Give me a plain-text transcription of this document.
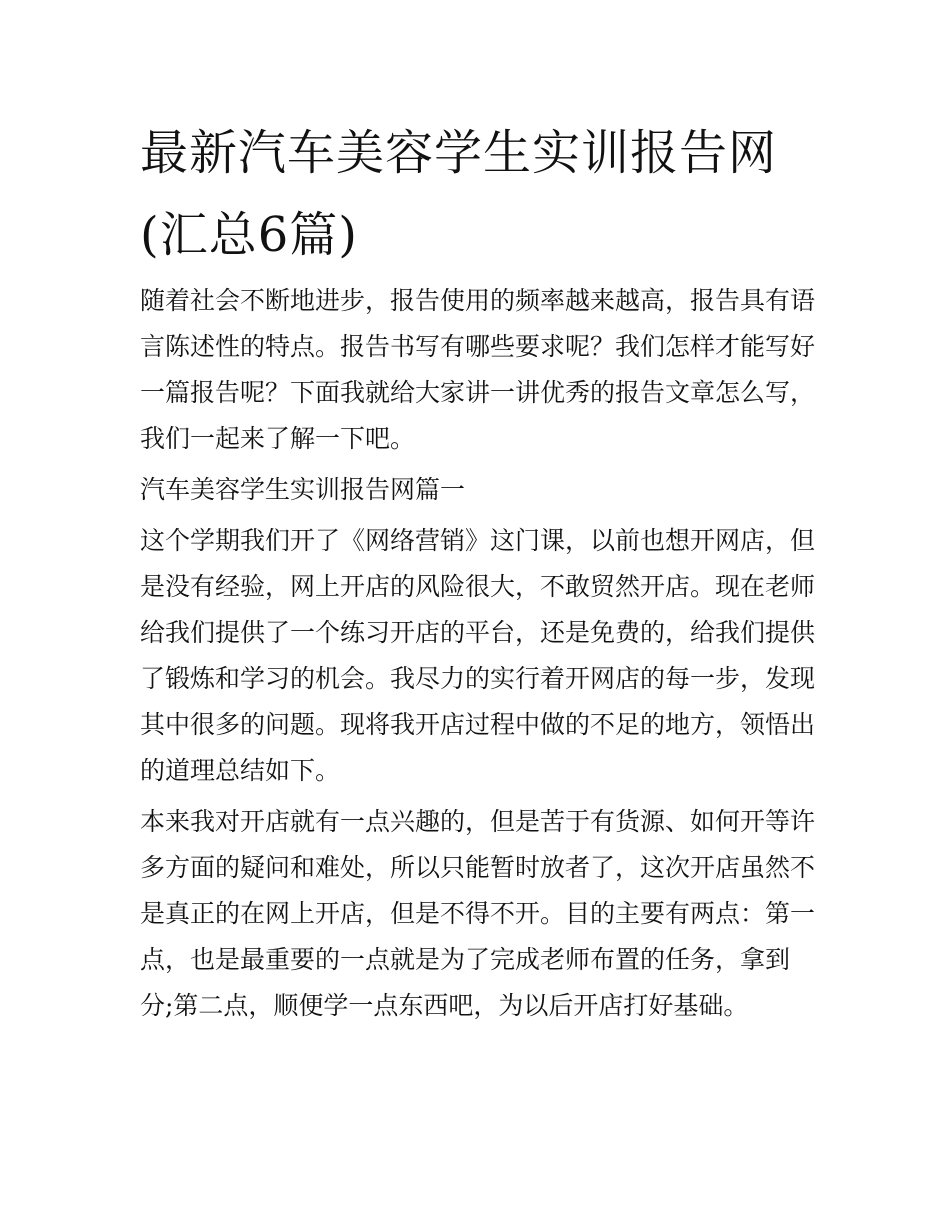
最新汽车美容学生实训报告网(汇总6篇)

随着社会不断地进步，报告使用的频率越来越高，报告具有语言陈述性的特点。报告书写有哪些要求呢？我们怎样才能写好一篇报告呢？下面我就给大家讲一讲优秀的报告文章怎么写，我们一起来了解一下吧。

汽车美容学生实训报告网篇一

这个学期我们开了《网络营销》这门课，以前也想开网店，但是没有经验，网上开店的风险很大，不敢贸然开店。现在老师给我们提供了一个练习开店的平台，还是免费的，给我们提供了锻炼和学习的机会。我尽力的实行着开网店的每一步，发现其中很多的问题。现将我开店过程中做的不足的地方，领悟出的道理总结如下。

本来我对开店就有一点兴趣的，但是苦于有货源、如何开等许多方面的疑问和难处，所以只能暂时放者了，这次开店虽然不是真正的在网上开店，但是不得不开。目的主要有两点：第一点，也是最重要的一点就是为了完成老师布置的任务，拿到分;第二点，顺便学一点东西吧，为以后开店打好基础。
